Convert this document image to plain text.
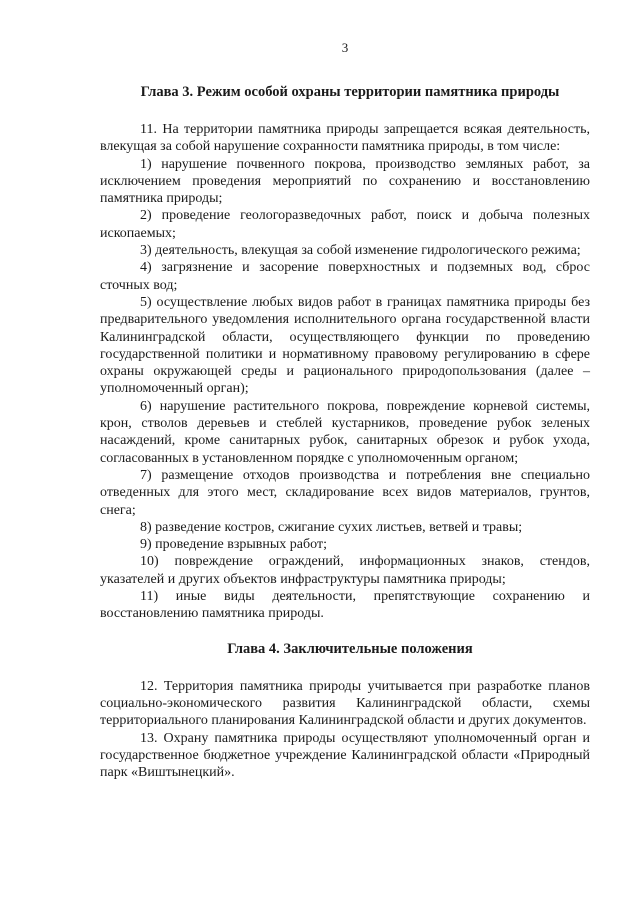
3
Глава 3. Режим особой охраны территории памятника природы

11. На территории памятника природы запрещается всякая деятельность, влекущая за собой нарушение сохранности памятника природы, в том числе:

1) нарушение почвенного покрова, производство земляных работ, за исключением проведения мероприятий по сохранению и восстановлению памятника природы;

2) проведение геологоразведочных работ, поиск и добыча полезных ископаемых;

3) деятельность, влекущая за собой изменение гидрологического режима;

4) загрязнение и засорение поверхностных и подземных вод, сброс сточных вод;

5) осуществление любых видов работ в границах памятника природы без предварительного уведомления исполнительного органа государственной власти Калининградской области, осуществляющего функции по проведению государственной политики и нормативному правовому регулированию в сфере охраны окружающей среды и рационального природопользования (далее – уполномоченный орган);

6) нарушение растительного покрова, повреждение корневой системы, крон, стволов деревьев и стеблей кустарников, проведение рубок зеленых насаждений, кроме санитарных рубок, санитарных обрезок и рубок ухода, согласованных в установленном порядке с уполномоченным органом;

7) размещение отходов производства и потребления вне специально отведенных для этого мест, складирование всех видов материалов, грунтов, снега;

8) разведение костров, сжигание сухих листьев, ветвей и травы;

9) проведение взрывных работ;

10) повреждение ограждений, информационных знаков, стендов, указателей и других объектов инфраструктуры памятника природы;

11) иные виды деятельности, препятствующие сохранению и восстановлению памятника природы.

Глава 4. Заключительные положения

12. Территория памятника природы учитывается при разработке планов социально-экономического развития Калининградской области, схемы территориального планирования Калининградской области и других документов.

13. Охрану памятника природы осуществляют уполномоченный орган и государственное бюджетное учреждение Калининградской области «Природный парк «Виштынецкий».
